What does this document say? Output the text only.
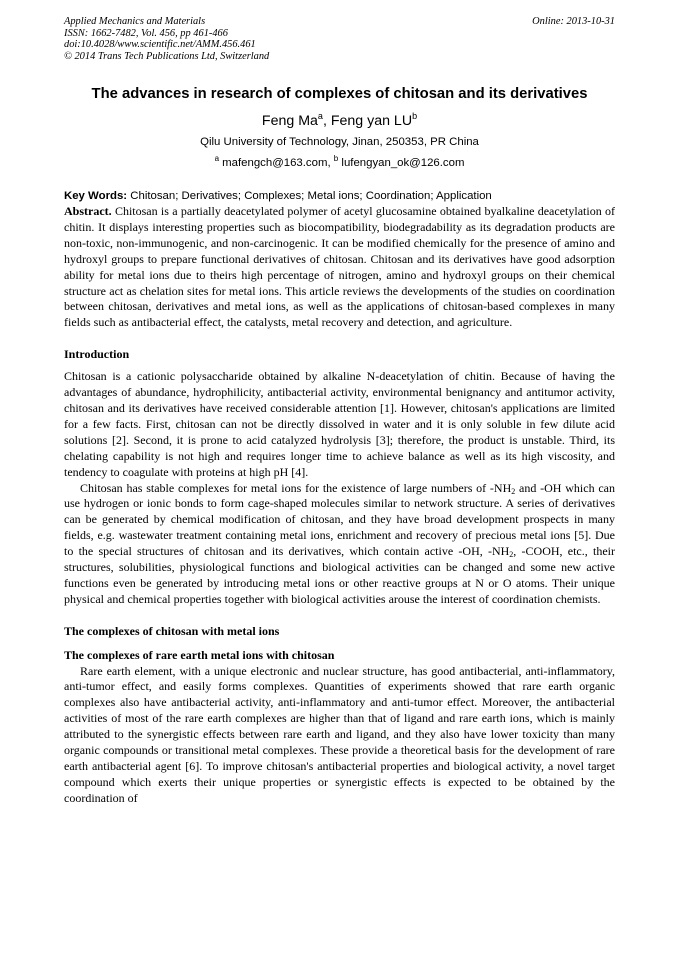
Applied Mechanics and Materials
ISSN: 1662-7482, Vol. 456, pp 461-466
doi:10.4028/www.scientific.net/AMM.456.461
© 2014 Trans Tech Publications Ltd, Switzerland
Online: 2013-10-31
The advances in research of complexes of chitosan and its derivatives
Feng Ma$^a$, Feng yan $LU^b$
Qilu University of Technology, Jinan, 250353, PR China
$^a$ mafengch@163.com, $^b$ lufengyan_ok@126.com
Key Words: Chitosan; Derivatives; Complexes; Metal ions; Coordination; Application

Abstract. Chitosan is a partially deacetylated polymer of acetyl glucosamine obtained byalkaline deacetylation of chitin. It displays interesting properties such as biocompatibility, biodegradability as its degradation products are non-toxic, non-immunogenic, and non-carcinogenic. It can be modified chemically for the presence of amino and hydroxyl groups to prepare functional derivatives of chitosan. Chitosan and its derivatives have good adsorption ability for metal ions due to theirs high percentage of nitrogen, amino and hydroxyl groups on their chemical structure act as chelation sites for metal ions. This article reviews the developments of the studies on coordination between chitosan, derivatives and metal ions, as well as the applications of chitosan-based complexes in many fields such as antibacterial effect, the catalysts, metal recovery and detection, and agriculture.

Introduction

Chitosan is a cationic polysaccharide obtained by alkaline N-deacetylation of chitin. Because of having the advantages of abundance, hydrophilicity, antibacterial activity, environmental benignancy and antitumor activity, chitosan and its derivatives have received considerable attention [1]. However, chitosan's applications are limited for a few facts. First, chitosan can not be directly dissolved in water and it is only soluble in few dilute acid solutions [2]. Second, it is prone to acid catalyzed hydrolysis [3]; therefore, the product is unstable. Third, its chelating capability is not high and requires longer time to achieve balance as well as its high viscosity, and tendency to coagulate with proteins at high pH [4].

Chitosan has stable complexes for metal ions for the existence of large numbers of $-NH_2$ and -OH which can use hydrogen or ionic bonds to form cage-shaped molecules similar to network structure. A series of derivatives can be generated by chemical modification of chitosan, and they have broad development prospects in many fields, e.g. wastewater treatment containing metal ions, enrichment and recovery of precious metal ions [5]. Due to the special structures of chitosan and its derivatives, which contain active -OH, $-NH_2$, -COOH, etc., their structures, solubilities, physiological functions and biological activities can be changed and some new active functions even be generated by introducing metal ions or other reactive groups at N or O atoms. Their unique physical and chemical properties together with biological activities arouse the interest of coordination chemists.

The complexes of chitosan with metal ions

The complexes of rare earth metal ions with chitosan

Rare earth element, with a unique electronic and nuclear structure, has good antibacterial, anti-inflammatory, anti-tumor effect, and easily forms complexes. Quantities of experiments showed that rare earth organic complexes also have antibacterial activity, anti-inflammatory and anti-tumor effect. Moreover, the antibacterial activities of most of the rare earth complexes are higher than that of ligand and rare earth ions, which is mainly attributed to the synergistic effects between rare earth and ligand, and they also have lower toxicity than many organic compounds or transitional metal complexes. These provide a theoretical basis for the development of rare earth antibacterial agent [6]. To improve chitosan's antibacterial properties and biological activity, a novel target compound which exerts their unique properties or synergistic effects is expected to be obtained by the coordination of
